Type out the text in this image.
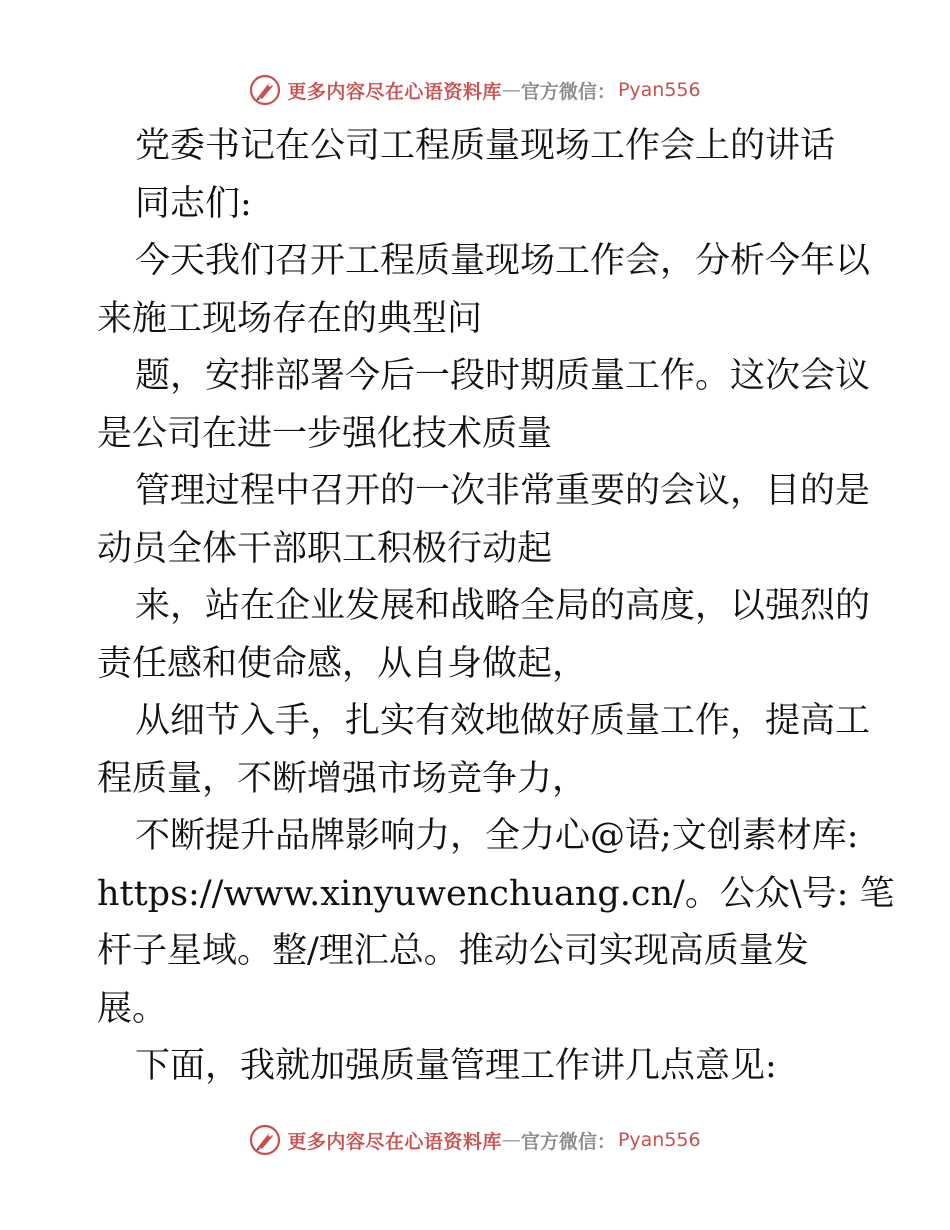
更多内容尽在心语资料库 — 官方微信： Pyan556
党委书记在公司工程质量现场工作会上的讲话
同志们:
今天我们召开工程质量现场工作会，分析今年以
来施工现场存在的典型问
题，安排部署今后一段时期质量工作。这次会议
是公司在进一步强化技术质量
管理过程中召开的一次非常重要的会议，目的是
动员全体干部职工积极行动起
来，站在企业发展和战略全局的高度，以强烈的
责任感和使命感，从自身做起，
从细节入手，扎实有效地做好质量工作，提高工
程质量，不断增强市场竞争力，
不断提升品牌影响力，全力心@语;文创素材库:
https://www.xinyuwenchuang.cn/。公众\号: 笔
杆子星域。整/理汇总。推动公司实现高质量发
展。
下面，我就加强质量管理工作讲几点意见:
更多内容尽在心语资料库 — 官方微信： Pyan556
